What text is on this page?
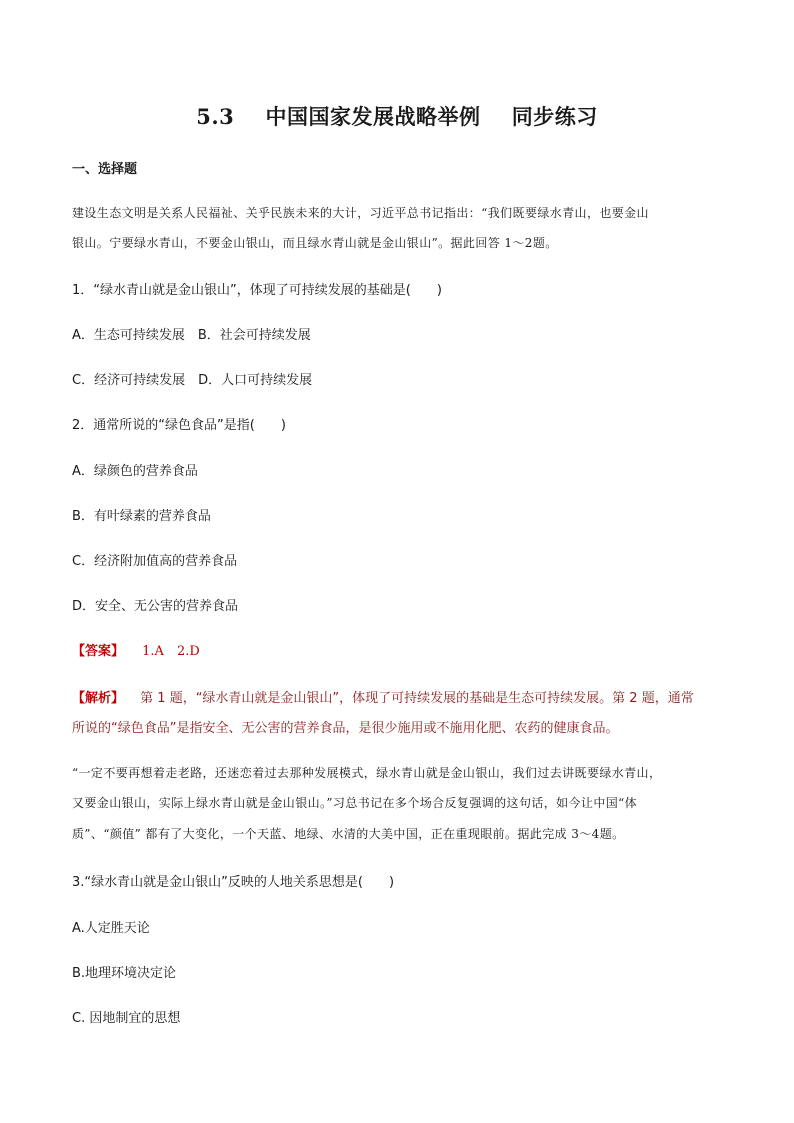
5.3    中国国家发展战略举例    同步练习
一、选择题
建设生态文明是关系人民福祉、关乎民族未来的大计，习近平总书记指出：“我们既要绿水青山，也要金山
银山。宁要绿水青山，不要金山银山，而且绿水青山就是金山银山”。据此回答 1～2题。
1．“绿水青山就是金山银山”，体现了可持续发展的基础是(　　)
A．生态可持续发展　B．社会可持续发展
C．经济可持续发展　D．人口可持续发展
2．通常所说的“绿色食品”是指(　　)
A．绿颜色的营养食品
B．有叶绿素的营养食品
C．经济附加值高的营养食品
D．安全、无公害的营养食品
【答案】 1.A　2.D
【解析】 第 1 题，“绿水青山就是金山银山”，体现了可持续发展的基础是生态可持续发展。第 2 题，通常
所说的“绿色食品”是指安全、无公害的营养食品，是很少施用或不施用化肥、农药的健康食品。
“一定不要再想着走老路，还迷恋着过去那种发展模式，绿水青山就是金山银山，我们过去讲既要绿水青山，
又要金山银山，实际上绿水青山就是金山银山。”习总书记在多个场合反复强调的这句话，如今让中国“体
质”、“颜值” 都有了大变化，一个天蓝、地绿、水清的大美中国，正在重现眼前。据此完成 3～4题。
3.“绿水青山就是金山银山”反映的人地关系思想是(　　)
A.人定胜天论
B.地理环境决定论
C. 因地制宜的思想
